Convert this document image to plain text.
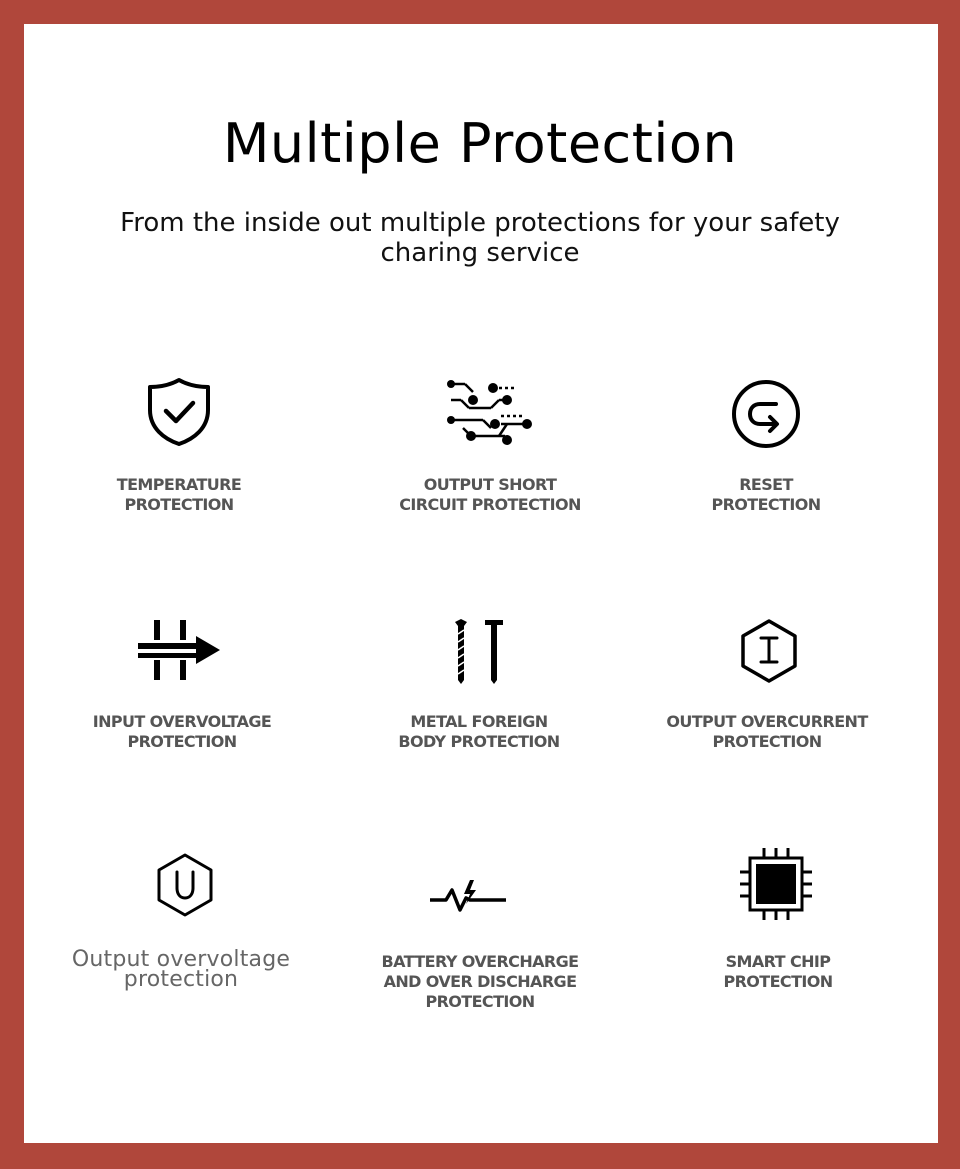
Multiple Protection

From the inside out multiple protections for your safety charing service

TEMPERATURE
PROTECTION
OUTPUT SHORT
CIRCUIT PROTECTION
RESET
PROTECTION
INPUT OVERVOLTAGE
PROTECTION
METAL FOREIGN
BODY PROTECTION
OUTPUT OVERCURRENT
PROTECTION
Output overvoltage
protection
BATTERY OVERCHARGE
AND OVER DISCHARGE
PROTECTION
SMART CHIP
PROTECTION
